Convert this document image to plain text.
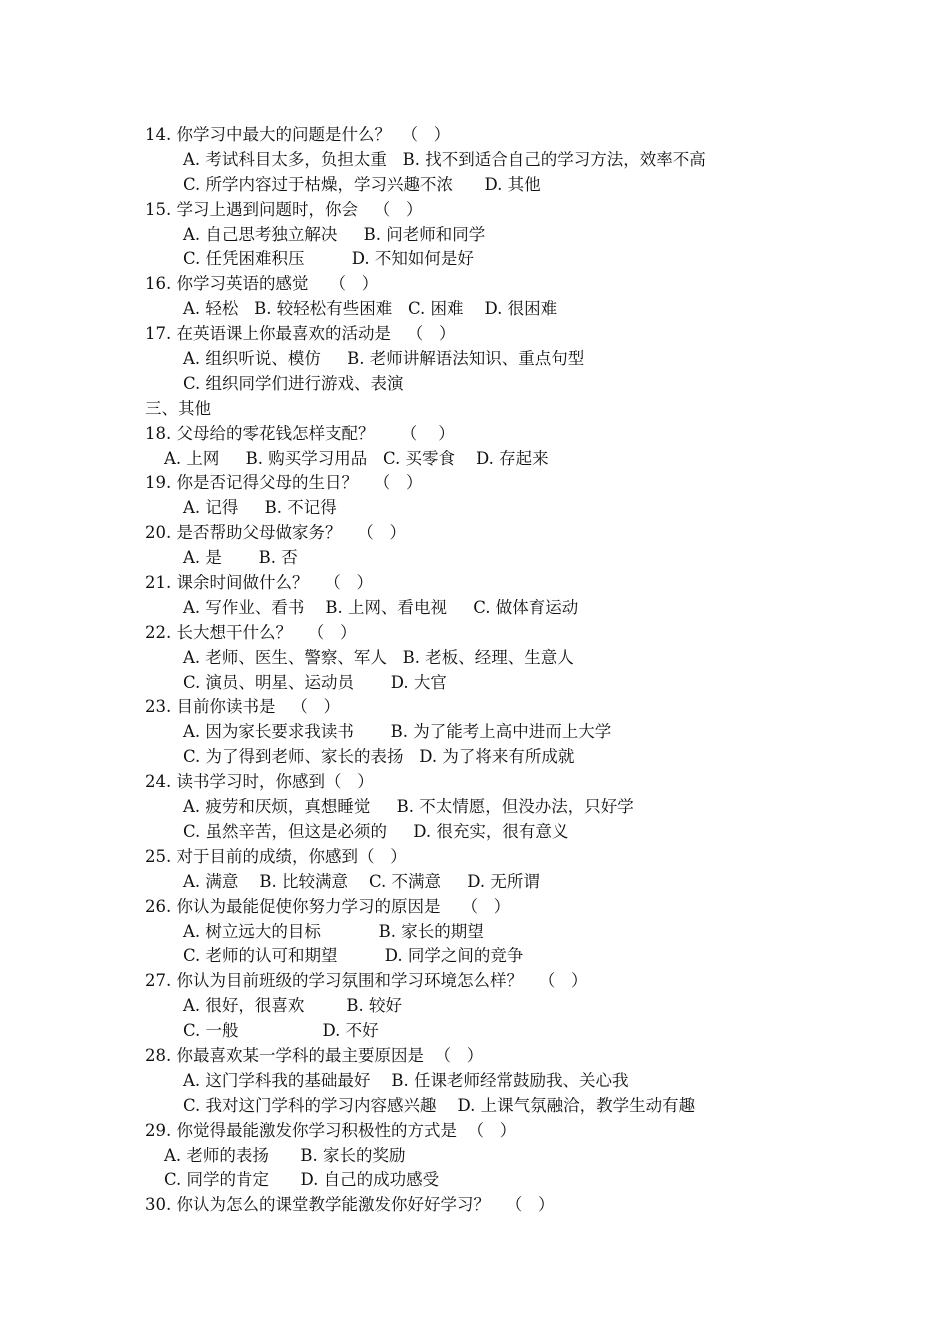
14. 你学习中最大的问题是什么？  （   ）
A. 考试科目太多，负担太重   B. 找不到适合自己的学习方法，效率不高
C. 所学内容过于枯燥，学习兴趣不浓      D. 其他
15. 学习上遇到问题时，你会   （   ）
A. 自己思考独立解决     B. 问老师和同学
C. 任凭困难积压         D. 不知如何是好
16. 你学习英语的感觉    （   ）
A. 轻松   B. 较轻松有些困难   C. 困难    D. 很困难
17. 在英语课上你最喜欢的活动是   （   ）
A. 组织听说、模仿     B. 老师讲解语法知识、重点句型
C. 组织同学们进行游戏、表演
三、其他
18. 父母给的零花钱怎样支配？     （    ）
A. 上网     B. 购买学习用品   C. 买零食    D. 存起来
19. 你是否记得父母的生日？   （   ）
A. 记得     B. 不记得
20. 是否帮助父母做家务？   （   ）
A. 是       B. 否
21. 课余时间做什么？   （   ）
A. 写作业、看书    B. 上网、看电视     C. 做体育运动
22. 长大想干什么？   （   ）
A. 老师、医生、警察、军人   B. 老板、经理、生意人
C. 演员、明星、运动员       D. 大官
23. 目前你读书是   （   ）
A. 因为家长要求我读书       B. 为了能考上高中进而上大学
C. 为了得到老师、家长的表扬   D. 为了将来有所成就
24. 读书学习时，你感到（   ）
A. 疲劳和厌烦，真想睡觉     B. 不太情愿，但没办法，只好学
C. 虽然辛苦，但这是必须的     D. 很充实，很有意义
25. 对于目前的成绩，你感到（   ）
A. 满意    B. 比较满意    C. 不满意     D. 无所谓
26. 你认为最能促使你努力学习的原因是    （   ）
A. 树立远大的目标           B. 家长的期望
C. 老师的认可和期望         D. 同学之间的竞争
27. 你认为目前班级的学习氛围和学习环境怎么样？   （   ）
A. 很好，很喜欢        B. 较好
C. 一般                D. 不好
28. 你最喜欢某一学科的最主要原因是  （   ）
A. 这门学科我的基础最好    B. 任课老师经常鼓励我、关心我
C. 我对这门学科的学习内容感兴趣    D. 上课气氛融洽，教学生动有趣
29. 你觉得最能激发你学习积极性的方式是  （   ）
A. 老师的表扬      B. 家长的奖励
C. 同学的肯定      D. 自己的成功感受
30. 你认为怎么的课堂教学能激发你好好学习？   （   ）
